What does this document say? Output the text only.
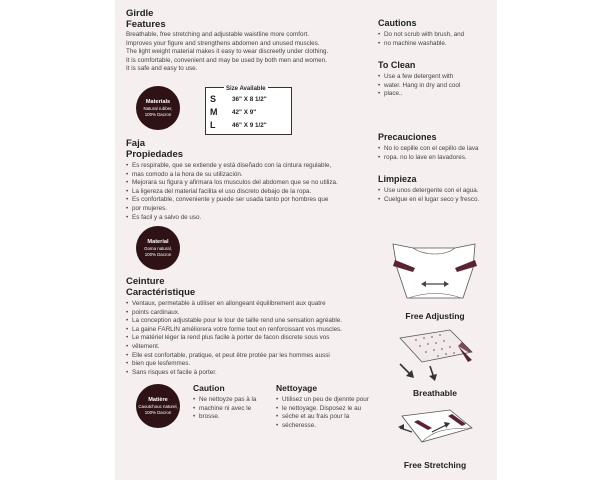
Girdle
Features

Breathable, free stretching and adjustable waistline more comfort.

Improves your figure and strengthens abdomen and unused muscles.

The light weight material makes it easy to wear discreetly under clothing.

It is comfortable, convenient and may be used by both men and women.

It is safe and easy to use.

Materials
Natural rubber,
100% Dacron
Size Available
S	36" X 8 1/2"
M 42" X 9"
L	46" X 9 1/2"
Faja
Propiedades
• Es respirable, que se extiende y está diseñado con la cintura regulable,
• mas comodo a la hora de su utilización.
• Mejorara su figura y afirmara los musculos del abdomen que se no utiliza.
• La ligereza del material facilita el uso discreto debajo de la ropa.
• Es confortable, conveniente y puede ser usada tanto por hombres que
• por mujeres.
• Es facil y a salvo de uso.
Material
Goma natural,
100% Dacron
Ceinture
Caractéristique
• Ventaux, permetable à utiliser en allongeant équilibrement aux quatre
• points cardinaux.
• La conception adjustable pour le tour de taille rend une sensation agréable.
• La gaine FARLIN améliorera votre forme tout en renforcissant vos muscles.
• Le matériel léger la rend plus facile à porter de facon discrete sous vos
• vêtement.
• Elle est confortable, pratique, et peut être protée par les hommes aussi
• bien que lesfemmes.
• Sans risques et facile à porter.
Matière
Caoutchouc naturel,
100% Dacron
Caution
• Ne nettoyze pas à la
• machine ni avec le
• brosse.
Nettoyage
• Utilisez un peu de djennte pour
• le nettoyage. Disposez le au
• séche et au frais pour la
• sécheresse.
Cautions
• Do not scrub with brush, and
• no machine washable.
To Clean
• Use a few detergent with
• water. Hang in dry and cool
• place..
Precauciones
• No lo cepille con el cepillo de lava
• ropa. no lo lave en lavadores.
Limpieza
• Use unos detergente con el agua.
• Cuelgue en el lugar seco y fresco.
Free Adjusting
Breathable
Free Stretching
